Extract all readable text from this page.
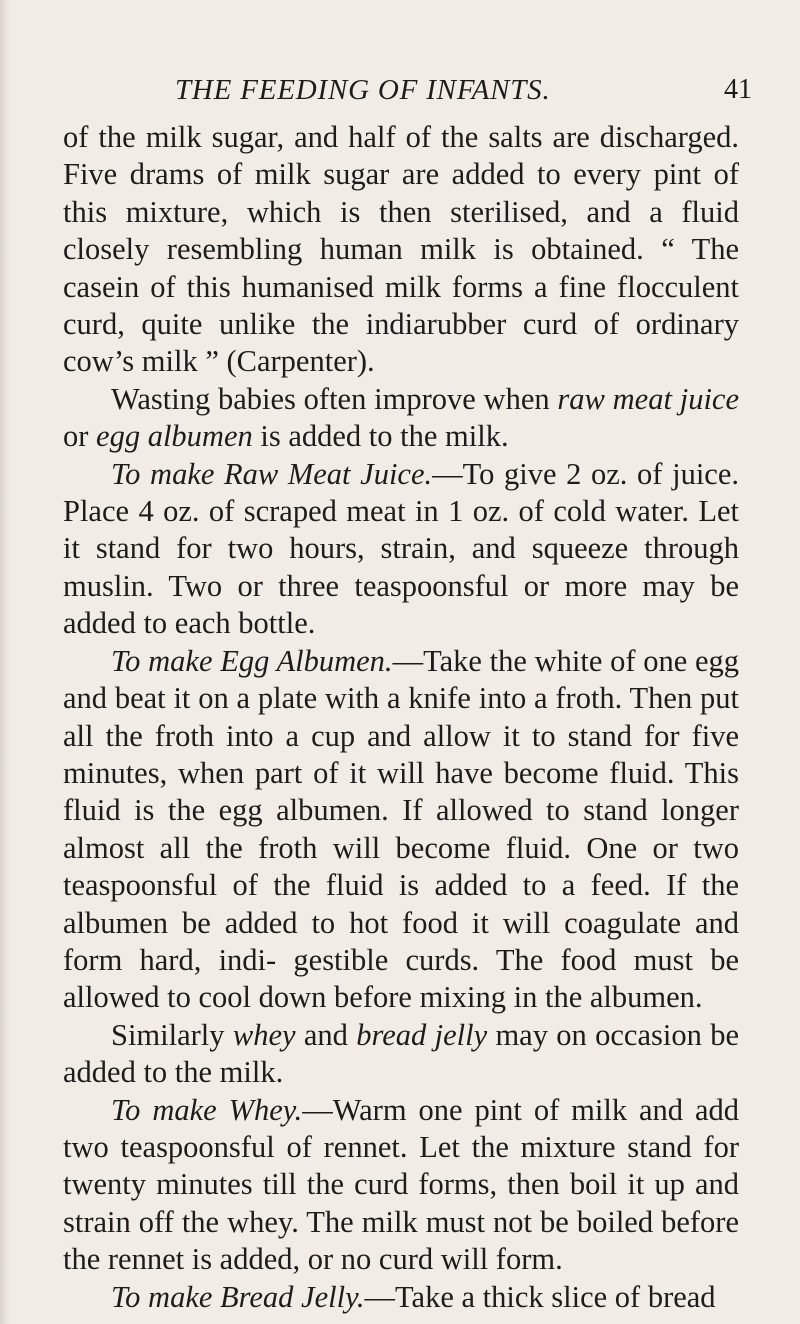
THE FEEDING OF INFANTS.	41

of the milk sugar, and half of the salts are discharged. Five drams of milk sugar are added to every pint of this mixture, which is then sterilised, and a fluid closely resembling human milk is obtained. “ The casein of this humanised milk forms a fine flocculent curd, quite unlike the indiarubber curd of ordinary cow’s milk ” (Carpenter).

Wasting babies often improve when raw meat juice or egg albumen is added to the milk.

To make Raw Meat Juice.—To give 2 oz. of juice. Place 4 oz. of scraped meat in 1 oz. of cold water. Let it stand for two hours, strain, and squeeze through muslin. Two or three teaspoonsful or more may be added to each bottle.

To make Egg Albumen.—Take the white of one egg and beat it on a plate with a knife into a froth. Then put all the froth into a cup and allow it to stand for five minutes, when part of it will have become fluid. This fluid is the egg albumen. If allowed to stand longer almost all the froth will become fluid. One or two teaspoonsful of the fluid is added to a feed. If the albumen be added to hot food it will coagulate and form hard, indi- gestible curds. The food must be allowed to cool down before mixing in the albumen.

Similarly whey and bread jelly may on occasion be added to the milk.

To make Whey.—Warm one pint of milk and add two teaspoonsful of rennet. Let the mixture stand for twenty minutes till the curd forms, then boil it up and strain off the whey. The milk must not be boiled before the rennet is added, or no curd will form.

To make Bread Jelly.—Take a thick slice of bread
